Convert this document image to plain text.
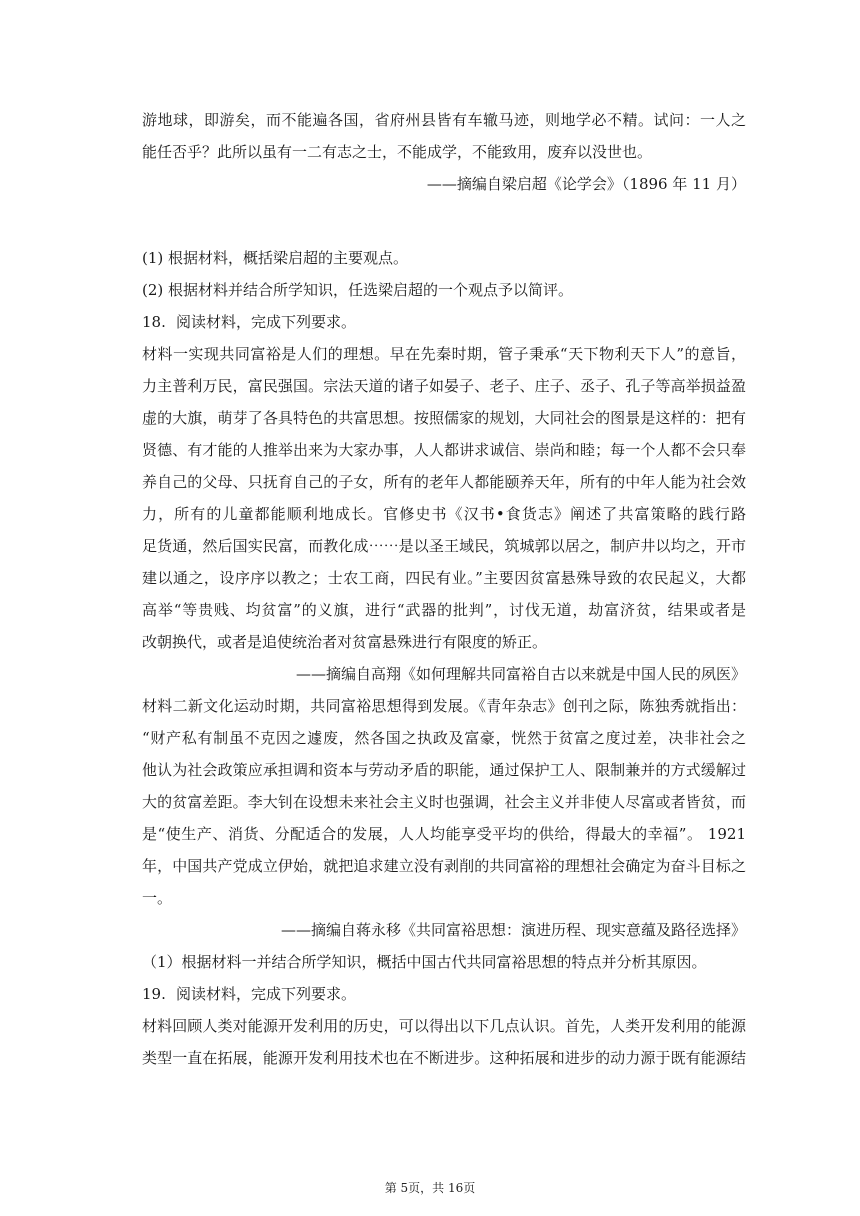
游地球，即游矣，而不能遍各国，省府州县皆有车辙马迹，则地学必不精。试问：一人之
能任否乎？此所以虽有一二有志之士，不能成学，不能致用，废弃以没世也。
——摘编自梁启超《论学会》（1896 年 11 月）
(1) 根据材料，概括梁启超的主要观点。
(2) 根据材料并结合所学知识，任选梁启超的一个观点予以简评。
18. 阅读材料，完成下列要求。
材料一实现共同富裕是人们的理想。早在先秦时期，管子秉承“天下物利天下人”的意旨，
力主普利万民，富民强国。宗法天道的诸子如晏子、老子、庄子、丞子、孔子等高举损益盈
虚的大旗，萌芽了各具特色的共富思想。按照儒家的规划，大同社会的图景是这样的：把有
贤德、有才能的人推举出来为大家办事，人人都讲求诚信、崇尚和睦；每一个人都不会只奉
养自己的父母、只抚育自己的子女，所有的老年人都能颐养天年，所有的中年人能为社会效
力，所有的儿童都能顺利地成长。官修史书《汉书•食货志》阐述了共富策略的践行路
足货通，然后国实民富，而教化成⋯⋯是以圣王域民，筑城郭以居之，制庐井以均之，开市
建以通之，设序序以教之；士农工商，四民有业。”主要因贫富悬殊导致的农民起义，大都
高举“等贵贱、均贫富”的义旗，进行“武器的批判”，讨伐无道，劫富济贫，结果或者是
改朝换代，或者是追使统治者对贫富悬殊进行有限度的矫正。
——摘编自高翔《如何理解共同富裕自古以来就是中国人民的夙医》
材料二新文化运动时期，共同富裕思想得到发展。《青年杂志》创刊之际，陈独秀就指出：
“财产私有制虽不克因之遽废，然各国之执政及富豪，恍然于贫富之度过差，决非社会之
他认为社会政策应承担调和资本与劳动矛盾的职能，通过保护工人、限制兼并的方式缓解过
大的贫富差距。李大钊在设想未来社会主义时也强调，社会主义并非使人尽富或者皆贫，而
是“使生产、消货、分配适合的发展，人人均能享受平均的供给，得最大的幸福”。 1921
年，中国共产党成立伊始，就把追求建立没有剥削的共同富裕的理想社会确定为奋斗目标之
一。
——摘编自蒋永移《共同富裕思想：演进历程、现实意蕴及路径选择》
（1）根据材料一并结合所学知识，概括中国古代共同富裕思想的特点并分析其原因。
19. 阅读材料，完成下列要求。
材料回顾人类对能源开发利用的历史，可以得出以下几点认识。首先，人类开发利用的能源
类型一直在拓展，能源开发利用技术也在不断进步。这种拓展和进步的动力源于既有能源结
第 5页，共 16页
